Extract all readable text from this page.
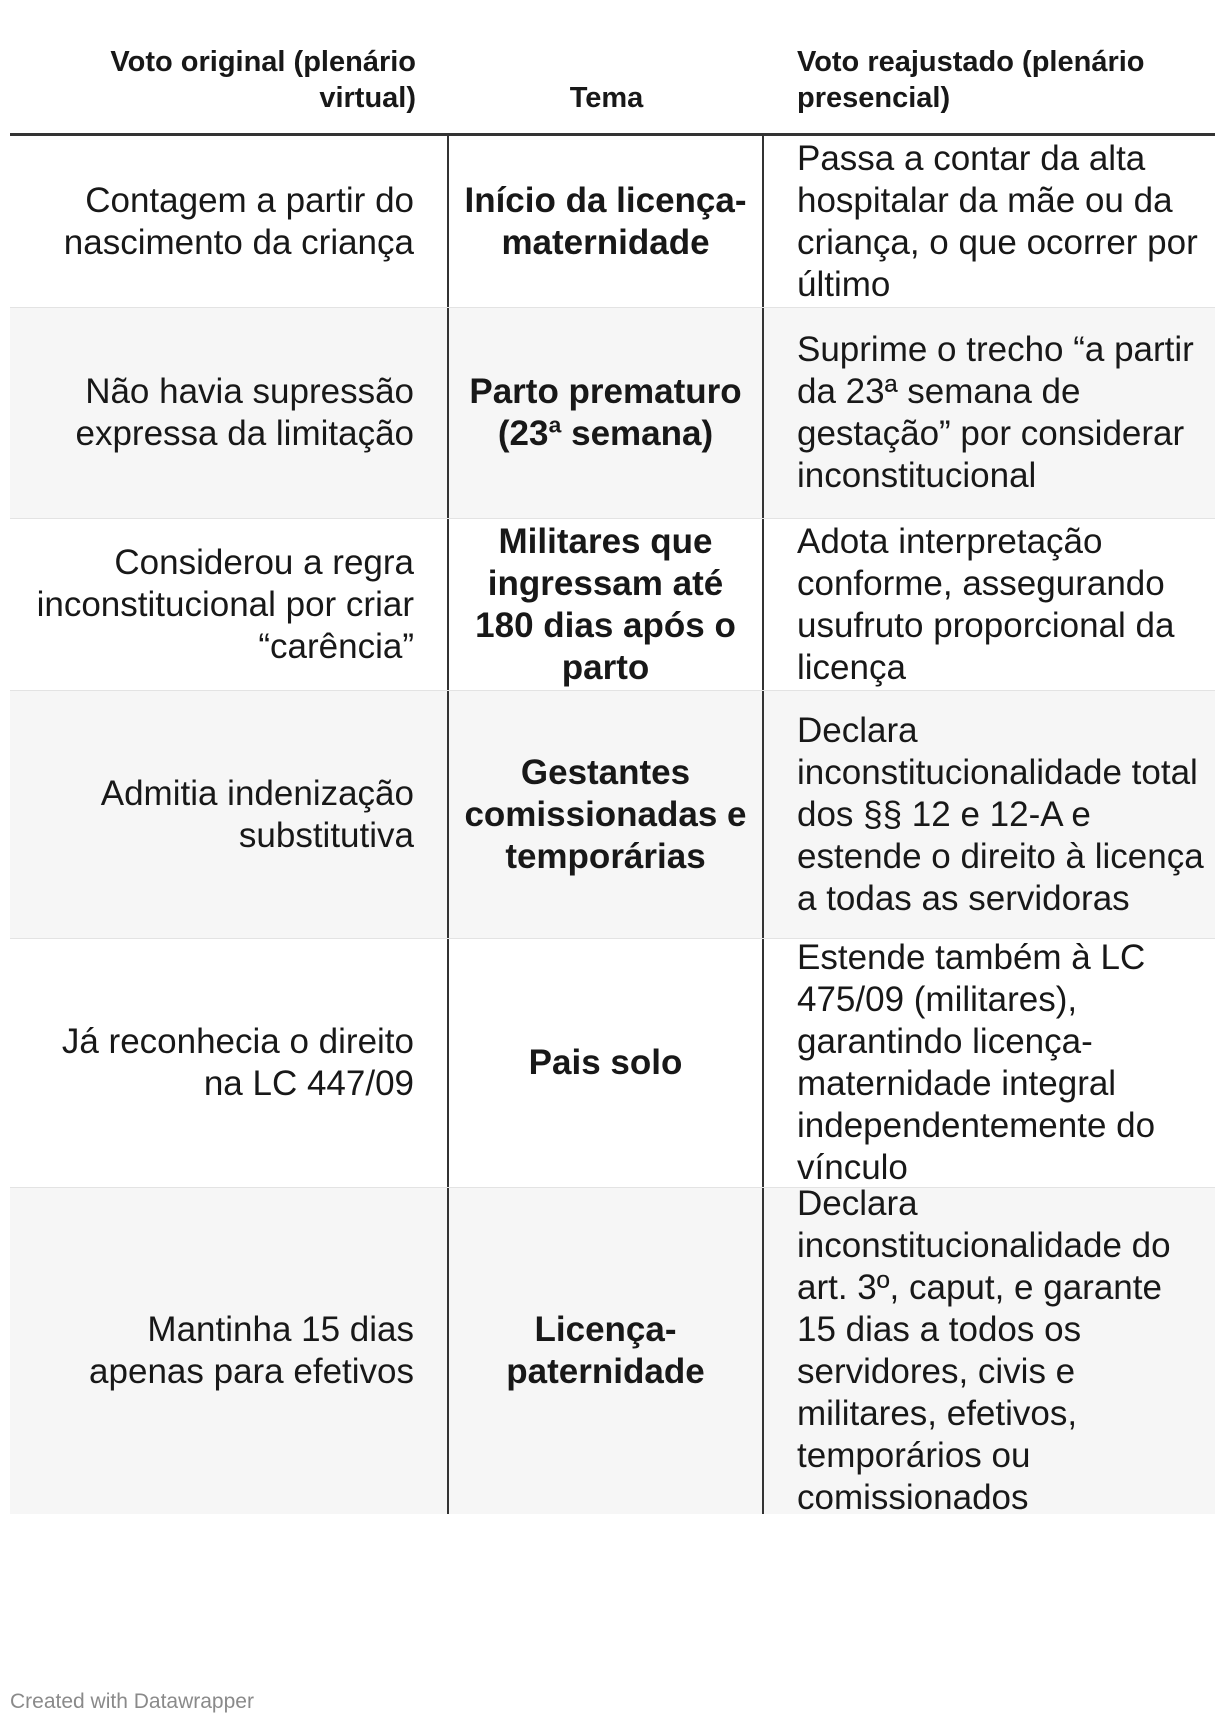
Voto original (plenário virtual)	Tema
Voto reajustado (plenário presencial)
Contagem a partir do nascimento da criança
Início da licença-maternidade
Passa a contar da alta hospitalar da mãe ou da criança, o que ocorrer por último
Não havia supressão expressa da limitação
Parto prematuro (23ª semana)
Suprime o trecho “a partir da 23ª semana de gestação” por considerar inconstitucional
Considerou a regra inconstitucional por criar “carência”
Militares que ingressam até 180 dias após o parto
Adota interpretação conforme, assegurando usufruto proporcional da licença
Admitia indenização substitutiva
Gestantes comissionadas e temporárias
Declara inconstitucionalidade total dos §§ 12 e 12-A e estende o direito à licença a todas as servidoras
Já reconhecia o direito na LC 447/09
Pais solo
Estende também à LC 475/09 (militares), garantindo licença-maternidade integral independentemente do vínculo
Mantinha 15 dias apenas para efetivos
Licença-paternidade
Declara inconstitucionalidade do art. 3º, caput, e garante 15 dias a todos os servidores, civis e militares, efetivos, temporários ou comissionados
Created with Datawrapper
